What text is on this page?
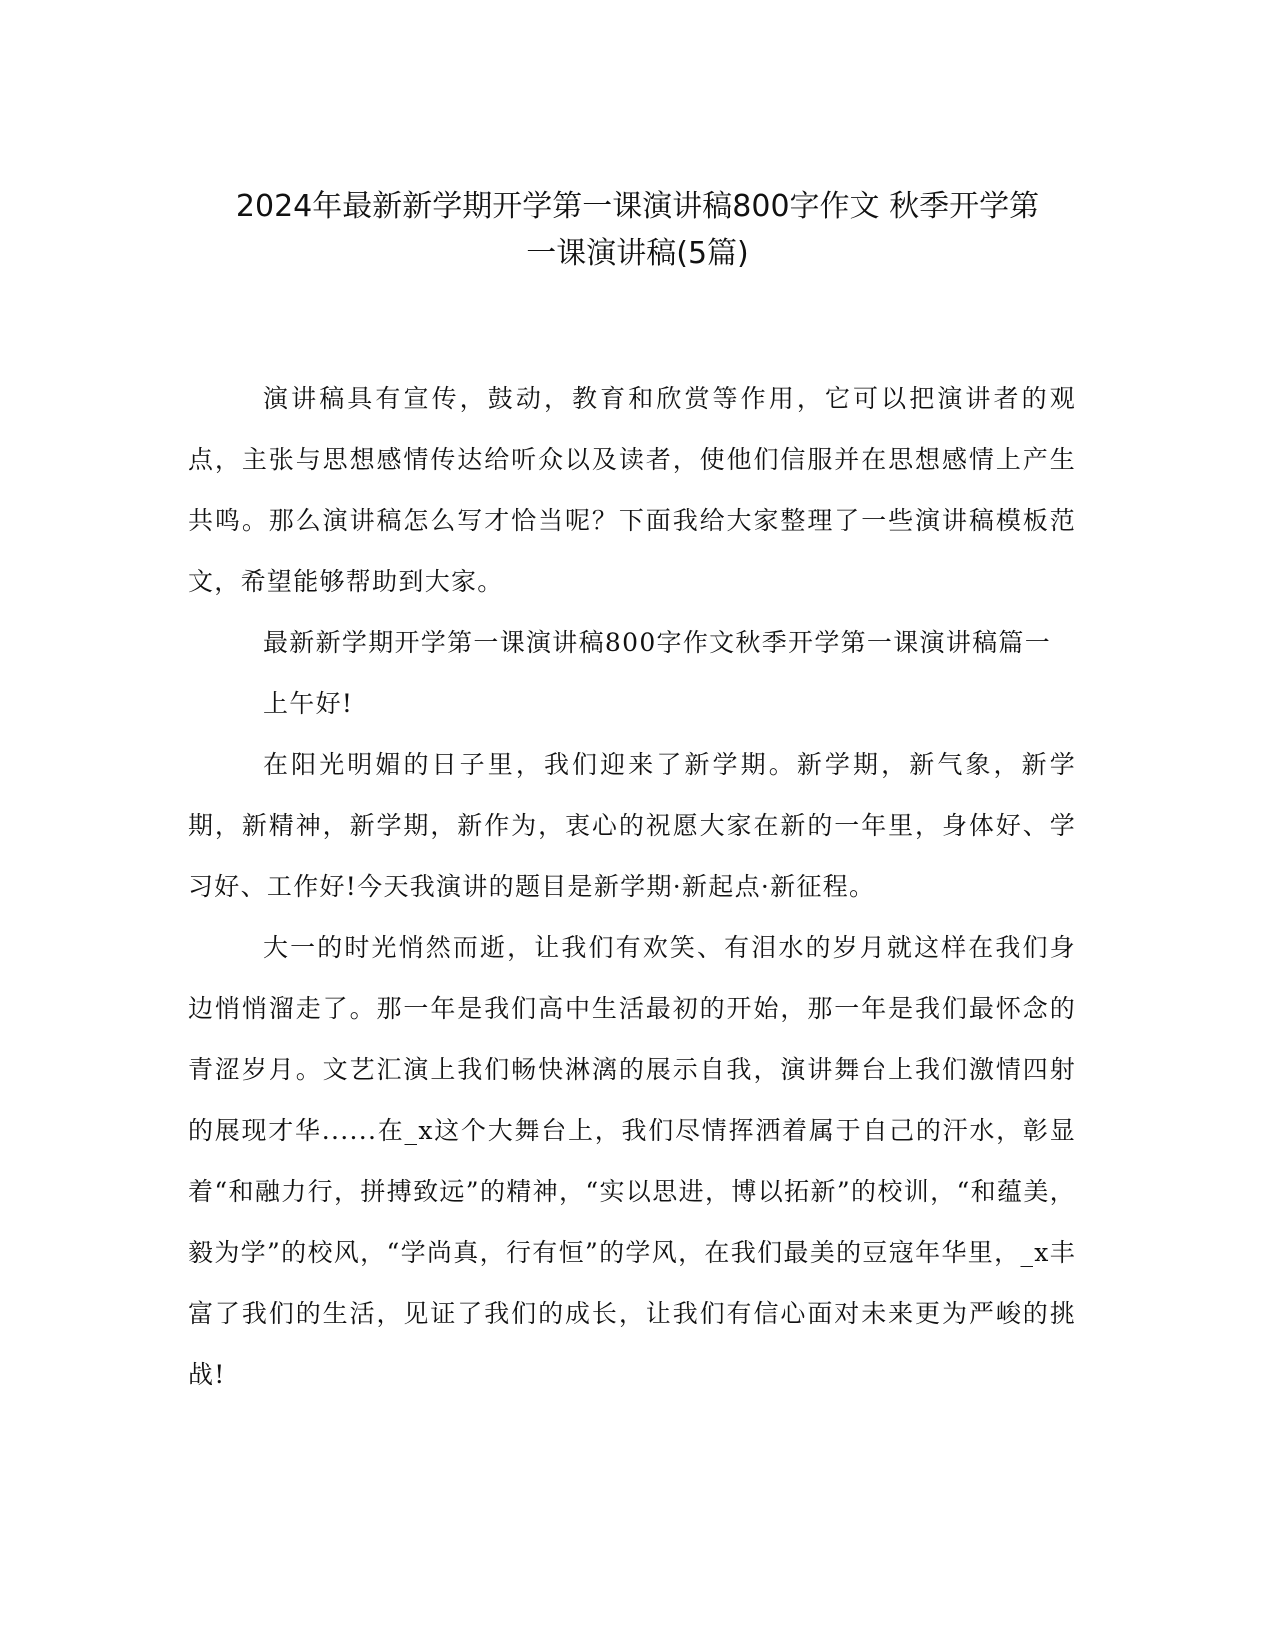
2024年最新新学期开学第一课演讲稿800字作文 秋季开学第
一课演讲稿(5篇)

演讲稿具有宣传，鼓动，教育和欣赏等作用，它可以把演讲者的观点，主张与思想感情传达给听众以及读者，使他们信服并在思想感情上产生共鸣。那么演讲稿怎么写才恰当呢？下面我给大家整理了一些演讲稿模板范文，希望能够帮助到大家。

最新新学期开学第一课演讲稿800字作文秋季开学第一课演讲稿篇一

上午好!

在阳光明媚的日子里，我们迎来了新学期。新学期，新气象，新学期，新精神，新学期，新作为，衷心的祝愿大家在新的一年里，身体好、学习好、工作好!今天我演讲的题目是新学期·新起点·新征程。

大一的时光悄然而逝，让我们有欢笑、有泪水的岁月就这样在我们身边悄悄溜走了。那一年是我们高中生活最初的开始，那一年是我们最怀念的青涩岁月。文艺汇演上我们畅快淋漓的展示自我，演讲舞台上我们激情四射的展现才华......在_x这个大舞台上，我们尽情挥洒着属于自己的汗水，彰显着“和融力行，拼搏致远”的精神，“实以思进，博以拓新”的校训，“和蕴美，毅为学”的校风，“学尚真，行有恒”的学风，在我们最美的豆寇年华里，_x丰富了我们的生活，见证了我们的成长，让我们有信心面对未来更为严峻的挑战!
